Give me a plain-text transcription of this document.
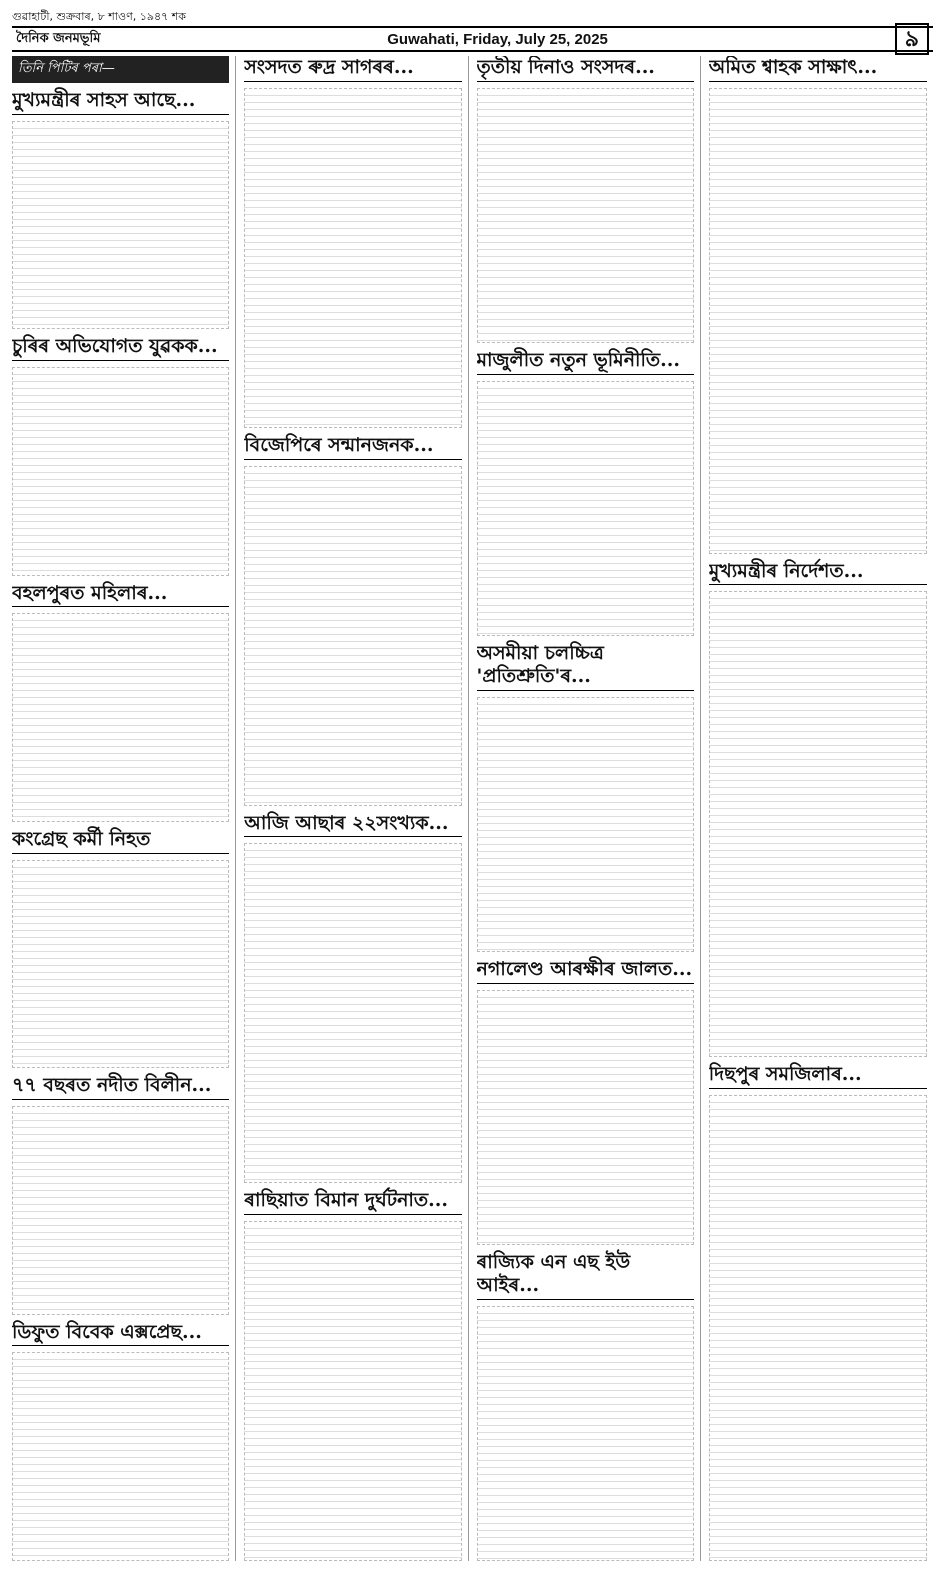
গুৱাহাটী, শুক্ৰবাৰ, ৮ শাওণ, ১৯৪৭ শক
দৈনিক জনমভূমি	Guwahati, Friday, July 25, 2025	৯
তিনি পিটিৰ পৰা—
মুখ্যমন্ত্ৰীৰ সাহস আছে...
চুৰিৰ অভিযোগত যুৱকক...
বহলপুৰত মহিলাৰ...
কংগ্ৰেছ কৰ্মী নিহত
৭৭ বছৰত নদীত বিলীন...
ডিফুত বিবেক এক্সপ্ৰেছ...
সংসদত ৰুদ্ৰ সাগৰৰ...
বিজেপিৰে সন্মানজনক...
আজি আছাৰ ২২সংখ্যক...
ৰাছিয়াত বিমান দুৰ্ঘটনাত...
তৃতীয় দিনাও সংসদৰ...
মাজুলীত নতুন ভূমিনীতি...
অসমীয়া চলচ্চিত্ৰ 'প্ৰতিশ্ৰুতি'ৰ...
নগালেণ্ড আৰক্ষীৰ জালত...
ৰাজ্যিক এন এছ ইউ আইৰ...
অমিত শ্বাহক সাক্ষাৎ...
মুখ্যমন্ত্ৰীৰ নিৰ্দেশত...
দিছপুৰ সমজিলাৰ...
